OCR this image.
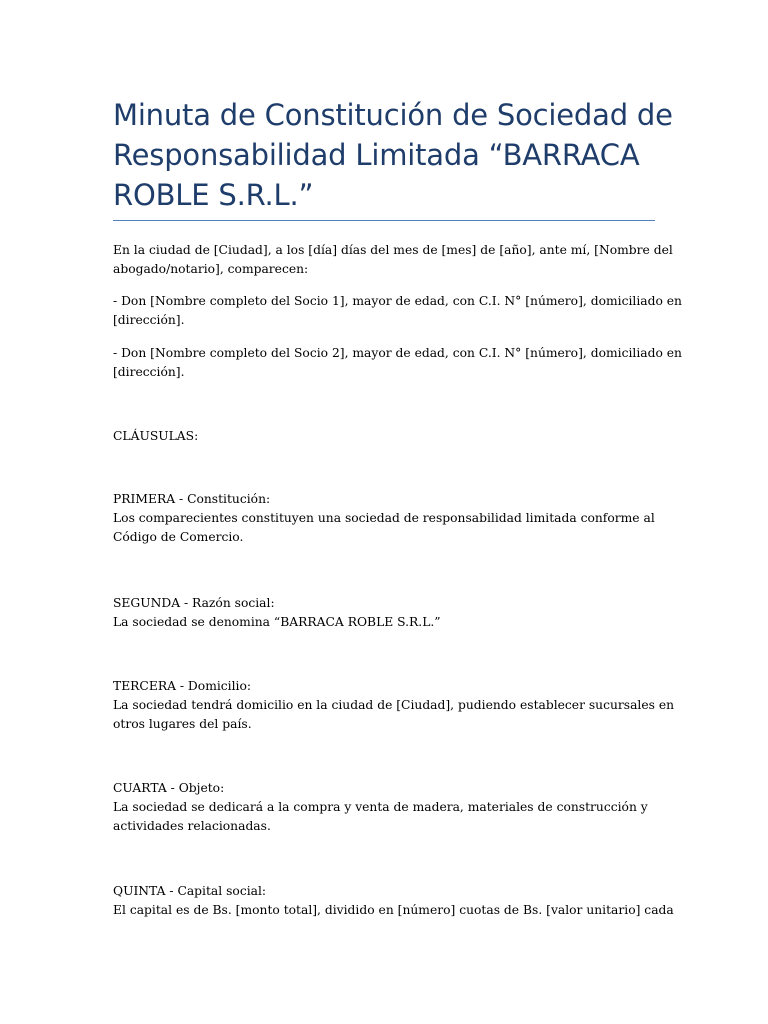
Minuta de Constitución de Sociedad de
Responsabilidad Limitada “BARRACA
ROBLE S.R.L.”

En la ciudad de [Ciudad], a los [día] días del mes de [mes] de [año], ante mí, [Nombre del
abogado/notario], comparecen:

- Don [Nombre completo del Socio 1], mayor de edad, con C.I. N° [número], domiciliado en
[dirección].

- Don [Nombre completo del Socio 2], mayor de edad, con C.I. N° [número], domiciliado en
[dirección].

CLÁUSULAS:

PRIMERA - Constitución:
Los comparecientes constituyen una sociedad de responsabilidad limitada conforme al
Código de Comercio.

SEGUNDA - Razón social:
La sociedad se denomina “BARRACA ROBLE S.R.L.”

TERCERA - Domicilio:
La sociedad tendrá domicilio en la ciudad de [Ciudad], pudiendo establecer sucursales en
otros lugares del país.

CUARTA - Objeto:
La sociedad se dedicará a la compra y venta de madera, materiales de construcción y
actividades relacionadas.

QUINTA - Capital social:
El capital es de Bs. [monto total], dividido en [número] cuotas de Bs. [valor unitario] cada
